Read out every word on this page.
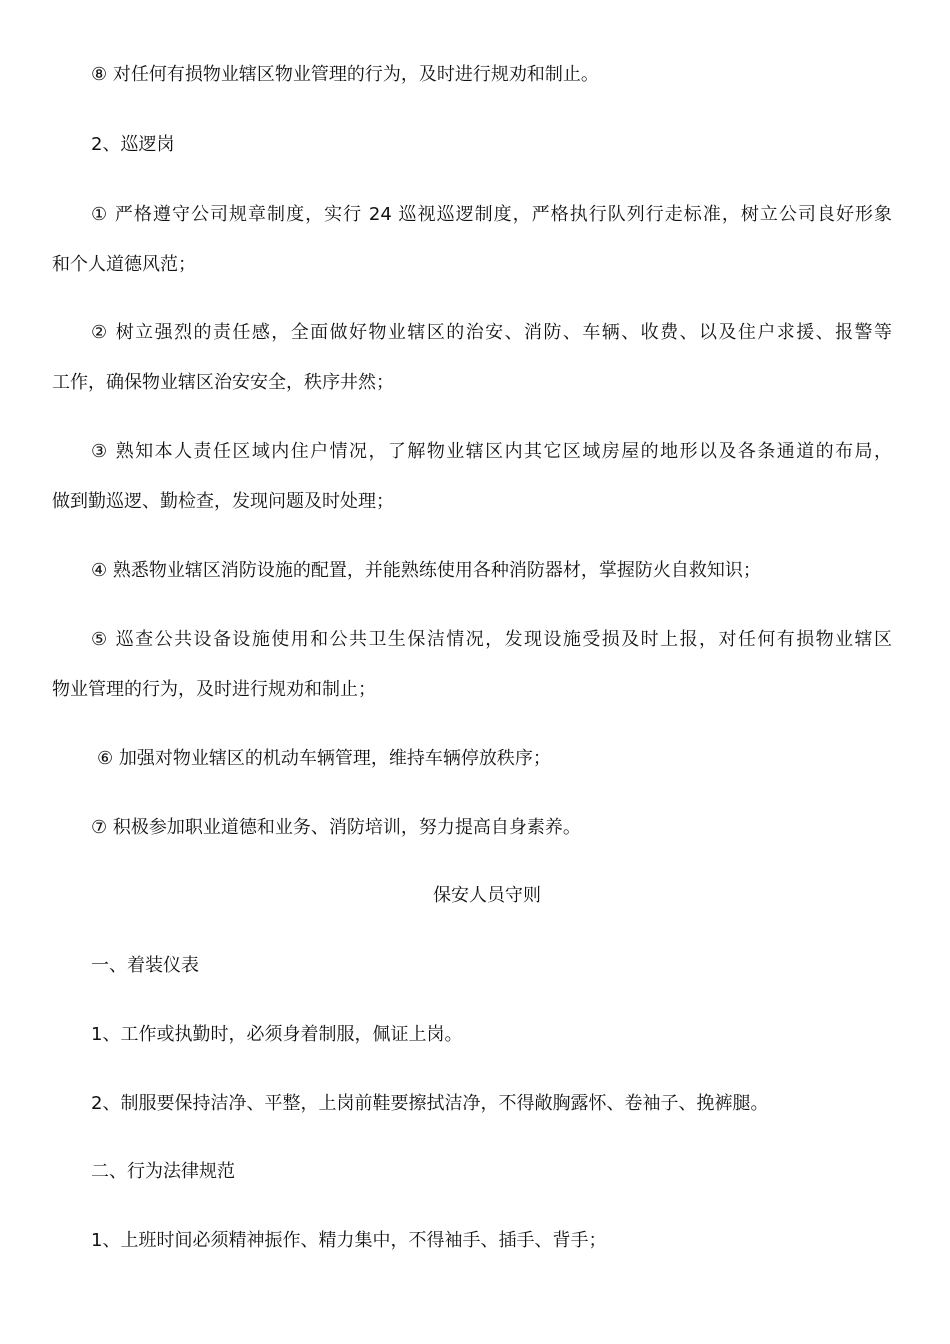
⑧ 对任何有损物业辖区物业管理的行为，及时进行规劝和制止。
2、巡逻岗
① 严格遵守公司规章制度，实行 24 巡视巡逻制度，严格执行队列行走标准，树立公司良好形象
和个人道德风范；
② 树立强烈的责任感，全面做好物业辖区的治安、消防、车辆、收费、以及住户求援、报警等
工作，确保物业辖区治安安全，秩序井然；
③ 熟知本人责任区域内住户情况，了解物业辖区内其它区域房屋的地形以及各条通道的布局，
做到勤巡逻、勤检查，发现问题及时处理；
④ 熟悉物业辖区消防设施的配置，并能熟练使用各种消防器材，掌握防火自救知识；
⑤ 巡查公共设备设施使用和公共卫生保洁情况，发现设施受损及时上报，对任何有损物业辖区
物业管理的行为，及时进行规劝和制止；
⑥ 加强对物业辖区的机动车辆管理，维持车辆停放秩序；
⑦ 积极参加职业道德和业务、消防培训，努力提高自身素养。
保安人员守则
一、着装仪表
1、工作或执勤时，必须身着制服，佩证上岗。
2、制服要保持洁净、平整，上岗前鞋要擦拭洁净，不得敞胸露怀、卷袖子、挽裤腿。
二、行为法律规范
1、上班时间必须精神振作、精力集中，不得袖手、插手、背手；
